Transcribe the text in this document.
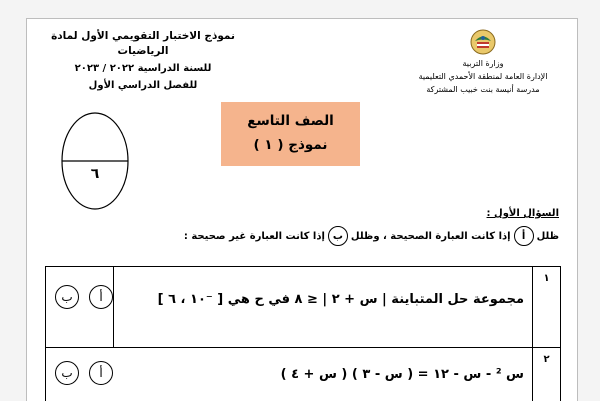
وزارة التربية
الإدارة العامة لمنطقة الأحمدي التعليمية
مدرسة أنيسة بنت خبيب المشتركة
نموذج الاختبار التقويمي الأول لمادة الرياضيات
للسنة الدراسية ٢٠٢٢ / ٢٠٢٣
للفصل الدراسي الأول
الصف التاسع
نموذج ( ١ )
٦
السؤال الأول :
ظلل
أ
إذا كانت العبارة الصحيحة ، وظلل
ب
إذا كانت العبارة غير صحيحة :
١
مجموعة حل المتباينة | س + ٢ | ≤ ٨ في ح هي [ ⁻١٠ ، ٦ ]
أ
ب
٢
س ² - س - ١٢ = ( س - ٣ ) ( س + ٤ )
أ
ب
